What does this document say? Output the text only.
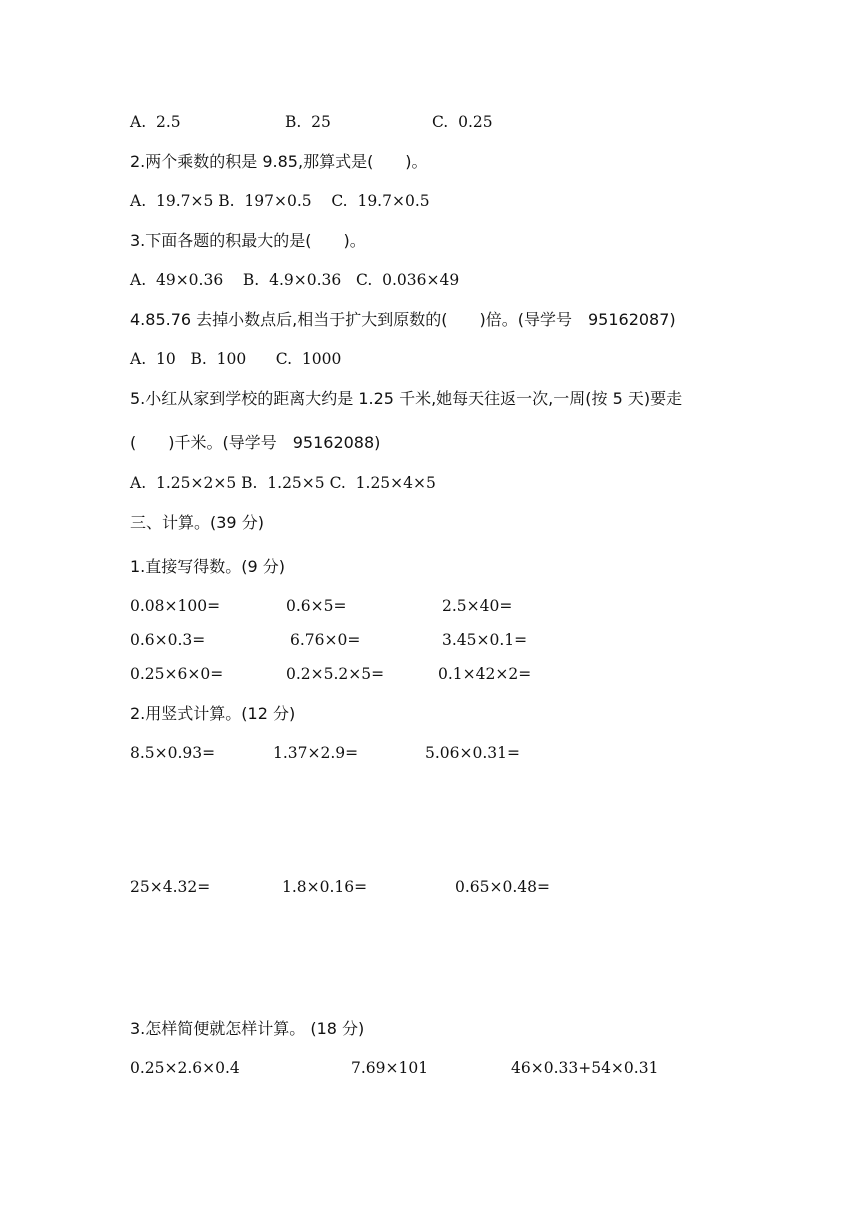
A.  2.5	B.  25	C.  0.25
2.两个乘数的积是 9.85,那算式是(　　)。
A.  19.7×5 B.  197×0.5    C.  19.7×0.5
3.下面各题的积最大的是(　　)。
A.  49×0.36    B.  4.9×0.36   C.  0.036×49
4.85.76 去掉小数点后,相当于扩大到原数的(　　)倍。(导学号　95162087)
A.  10   B.  100      C.  1000
5.小红从家到学校的距离大约是 1.25 千米,她每天往返一次,一周(按 5 天)要走
(　　)千米。(导学号　95162088)
A.  1.25×2×5 B.  1.25×5 C.  1.25×4×5
三、计算。(39 分)
1.直接写得数。(9 分)
0.08×100=	0.6×5=	2.5×40=
0.6×0.3=	6.76×0=	3.45×0.1=
0.25×6×0=	0.2×5.2×5=	0.1×42×2=
2.用竖式计算。(12 分)
8.5×0.93=	1.37×2.9=	5.06×0.31=
25×4.32=	1.8×0.16=	0.65×0.48=
3.怎样简便就怎样计算。 (18 分)
0.25×2.6×0.4	7.69×101	46×0.33+54×0.31
